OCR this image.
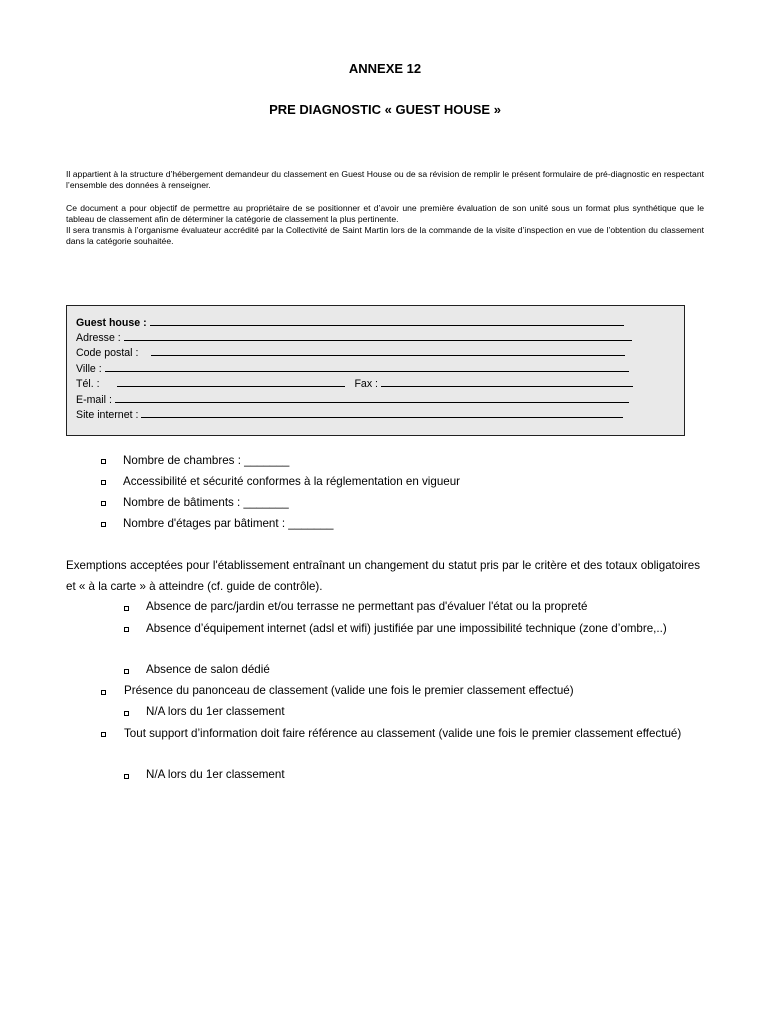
ANNEXE 12
PRE DIAGNOSTIC « GUEST HOUSE »
Il appartient à la structure d’hébergement demandeur du classement en Guest House ou de sa révision de remplir le présent formulaire de pré-diagnostic en respectant l’ensemble des données à renseigner.
Ce document a pour objectif de permettre au propriétaire de se positionner et d’avoir une première évaluation de son unité sous un format plus synthétique que le tableau de classement afin de déterminer la catégorie de classement la plus pertinente.
Il sera transmis à l’organisme évaluateur accrédité par la Collectivité de Saint Martin lors de la commande de la visite d’inspection en vue de l’obtention du classement dans la catégorie souhaitée.
Guest house :
Adresse :
Code postal :
Ville :
Tél. :	Fax :
E-mail :
Site internet :
Nombre de chambres : _______
Accessibilité et sécurité conformes à la réglementation en vigueur
Nombre de bâtiments : _______
Nombre d'étages par bâtiment : _______
Exemptions acceptées pour l'établissement entraînant un changement du statut pris par le critère et des totaux obligatoires et « à la carte » à atteindre (cf. guide de contrôle).
Absence de parc/jardin et/ou terrasse ne permettant pas d'évaluer l'état ou la propreté
Absence d’équipement internet (adsl et wifi) justifiée par une impossibilité technique (zone d’ombre,..)
Absence de salon dédié
Présence du panonceau de classement (valide une fois le premier classement effectué)
N/A lors du 1er classement
Tout support d’information doit faire référence au classement (valide une fois le premier classement effectué)
N/A lors du 1er classement
